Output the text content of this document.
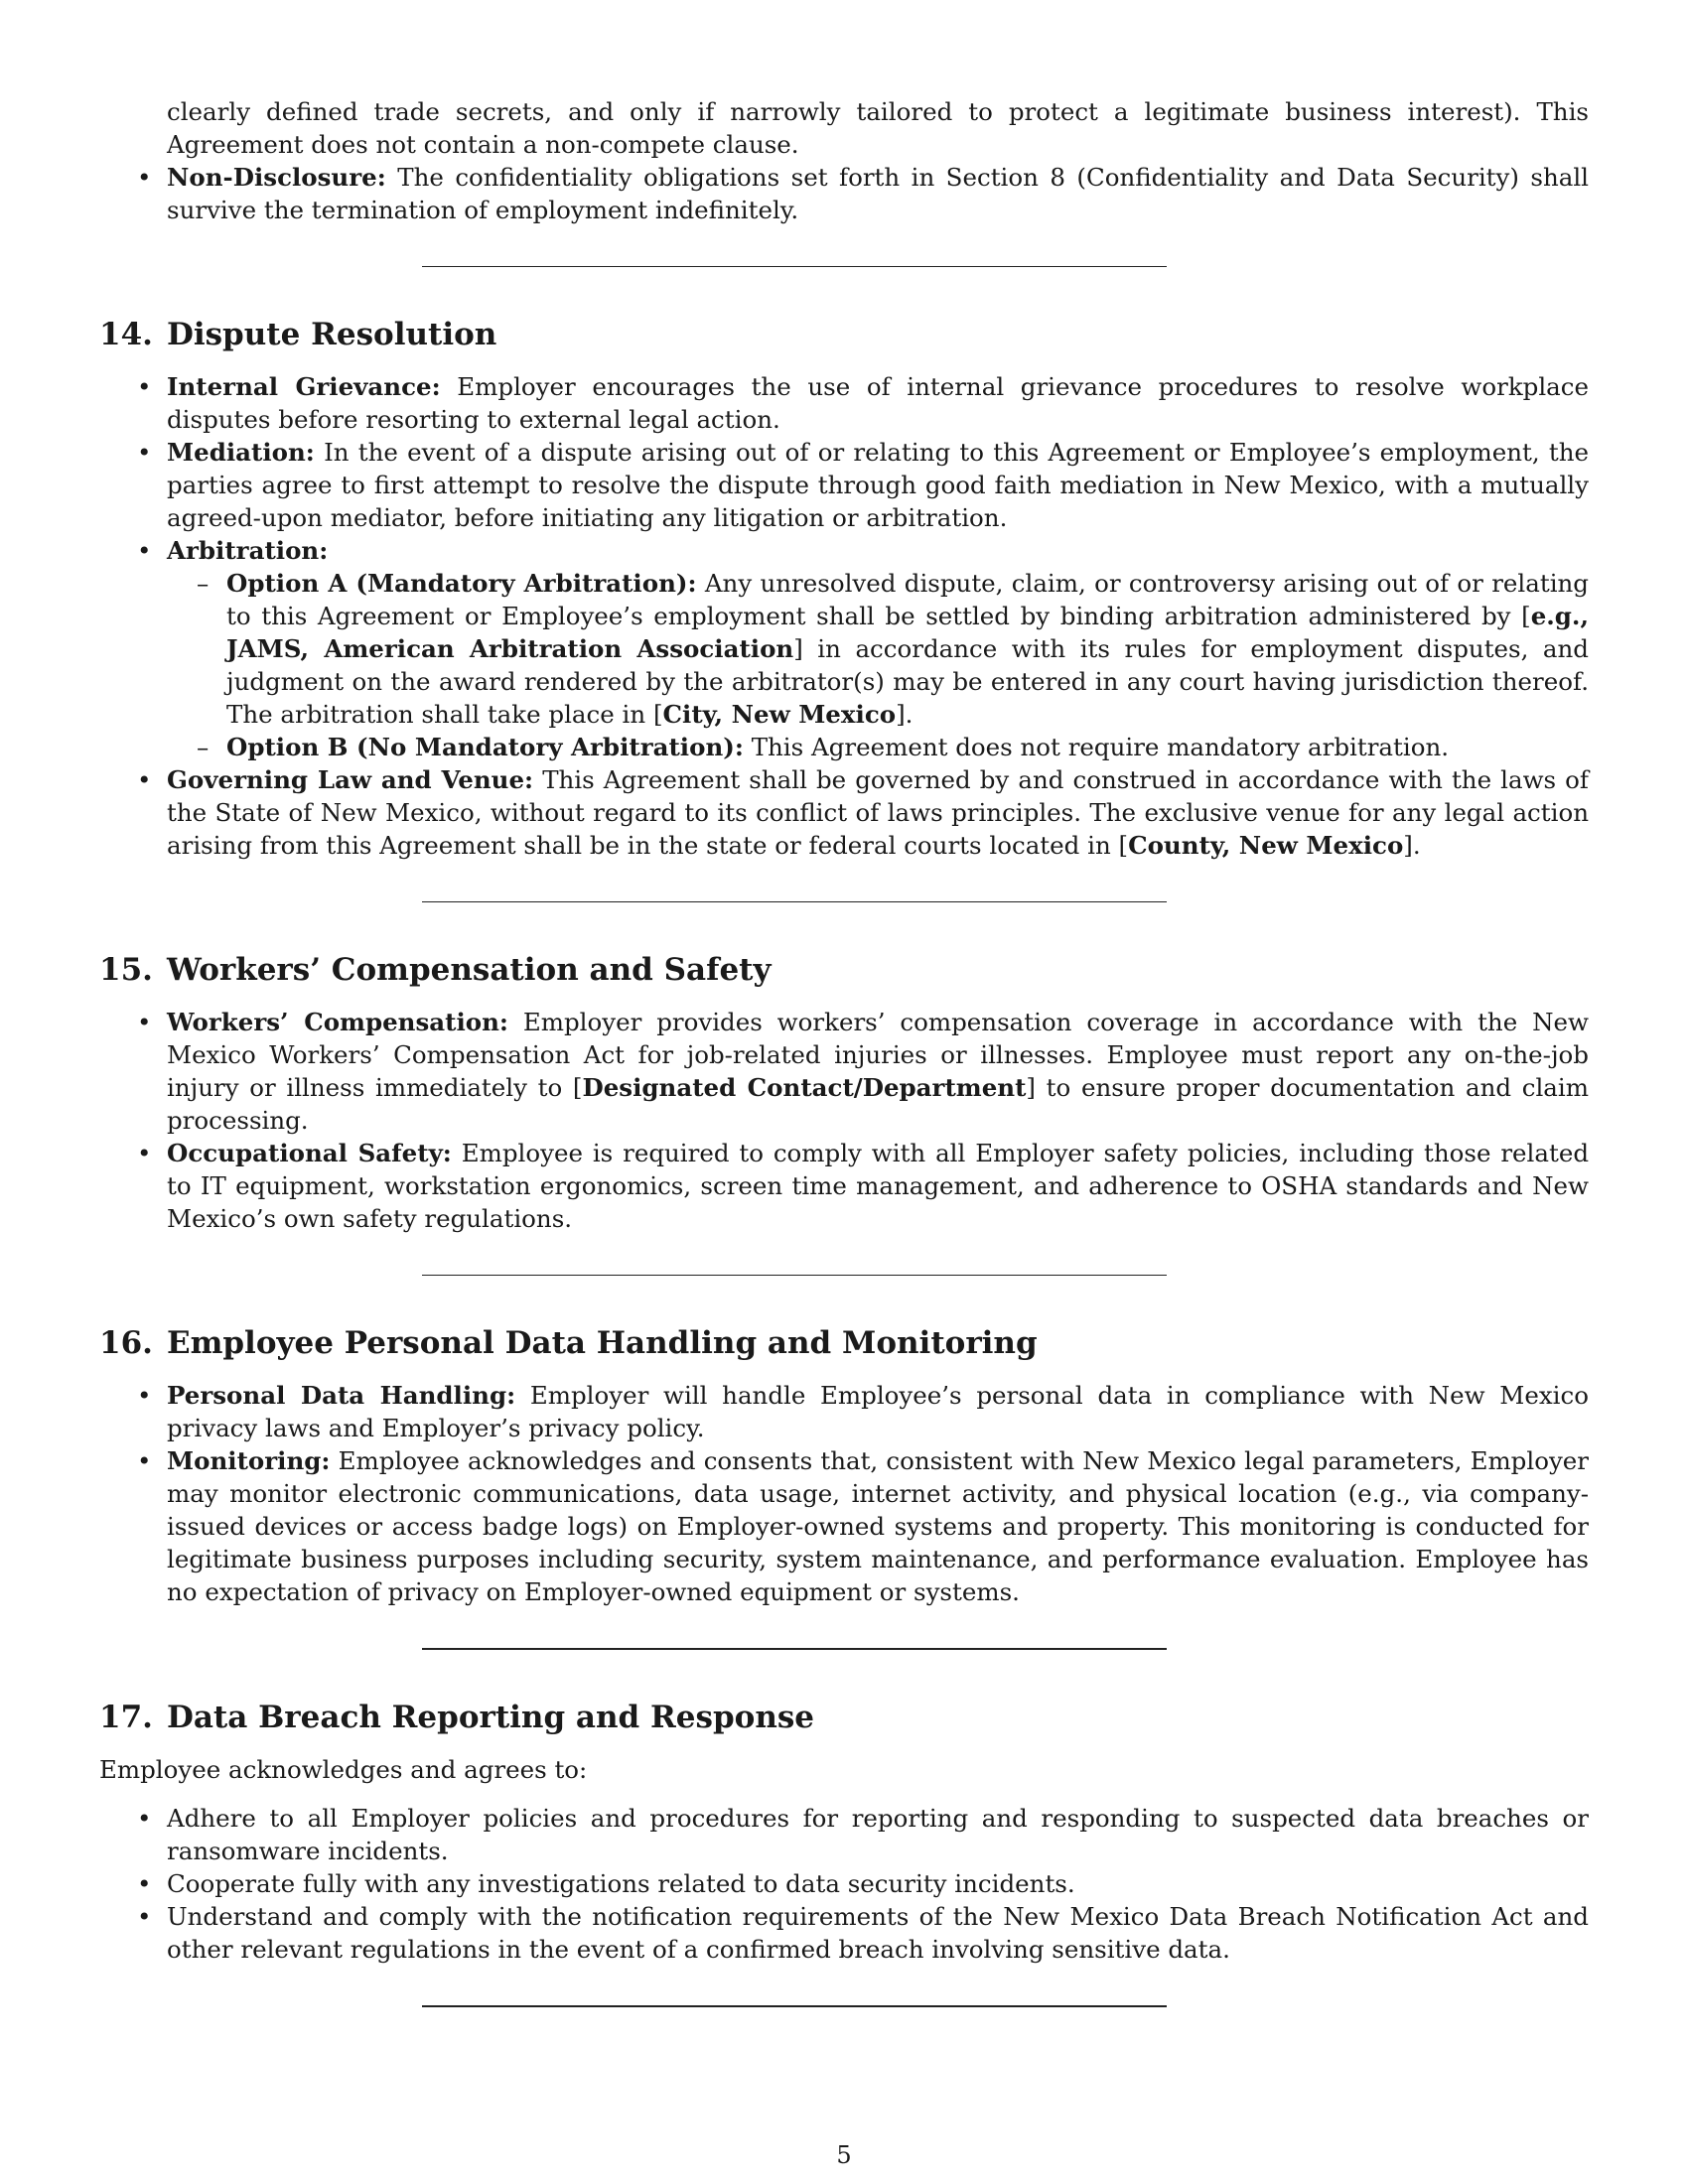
clearly defined trade secrets, and only if narrowly tailored to protect a legitimate business interest). This Agreement does not contain a non-compete clause.
• Non-Disclosure: The confidentiality obligations set forth in Section 8 (Confidentiality and Data Security) shall survive the termination of employment indefinitely.
14. Dispute Resolution
• Internal Grievance: Employer encourages the use of internal grievance procedures to resolve workplace disputes before resorting to external legal action.
• Mediation: In the event of a dispute arising out of or relating to this Agreement or Employee’s employment, the parties agree to first attempt to resolve the dispute through good faith mediation in New Mexico, with a mutually agreed-upon mediator, before initiating any litigation or arbitration.
• Arbitration:
– Option A (Mandatory Arbitration): Any unresolved dispute, claim, or controversy arising out of or relating to this Agreement or Employee’s employment shall be settled by binding arbitration administered by [e.g., JAMS, American Arbitration Association] in accordance with its rules for employment disputes, and judgment on the award rendered by the arbitrator(s) may be entered in any court having jurisdiction thereof. The arbitration shall take place in [City, New Mexico].
– Option B (No Mandatory Arbitration): This Agreement does not require mandatory arbitration.
• Governing Law and Venue: This Agreement shall be governed by and construed in accordance with the laws of the State of New Mexico, without regard to its conflict of laws principles. The exclusive venue for any legal action arising from this Agreement shall be in the state or federal courts located in [County, New Mexico].
15. Workers’ Compensation and Safety
• Workers’ Compensation: Employer provides workers’ compensation coverage in accordance with the New Mexico Workers’ Compensation Act for job-related injuries or illnesses. Employee must report any on-the-job injury or illness immediately to [Designated Contact/Department] to ensure proper documentation and claim processing.
• Occupational Safety: Employee is required to comply with all Employer safety policies, including those related to IT equipment, workstation ergonomics, screen time management, and adherence to OSHA standards and New Mexico’s own safety regulations.
16. Employee Personal Data Handling and Monitoring
• Personal Data Handling: Employer will handle Employee’s personal data in compliance with New Mexico privacy laws and Employer’s privacy policy.
• Monitoring: Employee acknowledges and consents that, consistent with New Mexico legal parameters, Employer may monitor electronic communications, data usage, internet activity, and physical location (e.g., via company-issued devices or access badge logs) on Employer-owned systems and property. This monitoring is conducted for legitimate business purposes including security, system maintenance, and performance evaluation. Employee has no expectation of privacy on Employer-owned equipment or systems.
17. Data Breach Reporting and Response

Employee acknowledges and agrees to:

• Adhere to all Employer policies and procedures for reporting and responding to suspected data breaches or ransomware incidents.
• Cooperate fully with any investigations related to data security incidents.
• Understand and comply with the notification requirements of the New Mexico Data Breach Notification Act and other relevant regulations in the event of a confirmed breach involving sensitive data.
5
